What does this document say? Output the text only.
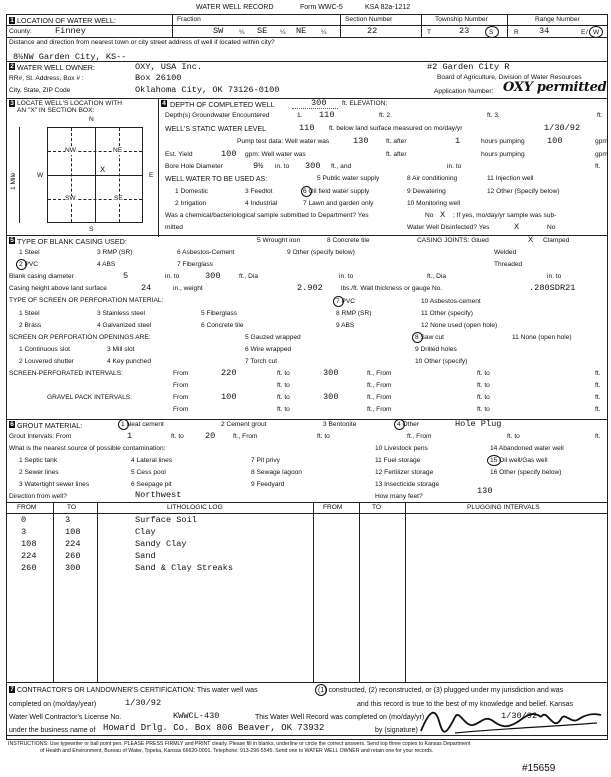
WATER WELL RECORD	Form WWC-5	KSA 82a-1212
1 LOCATION OF WATER WELL:	Fraction	Section Number	Township Number	Range Number
County:	Finney	SW ¼ SE ¼ NE ¼	22	T	23	S	R 34	E / W
Distance and direction from nearest town or city street address of well if located within city?
8½NW Garden City, KS--
2 WATER WELL OWNER:	OXY, USA Inc.	#2 Garden City R
RR#, St. Address, Box # :	Box 26100	Board of Agriculture, Division of Water Resources
City, State, ZIP Code	Oklahoma City, OK 73126-0100	Application Number: OXY permitted
3 LOCATE WELL'S LOCATION WITH
AN "X" IN SECTION BOX:
N
S
W	E
NW	NE
SW	SE
X
1 Mile
4 DEPTH OF COMPLETED WELL	300 ft. ELEVATION:
Depth(s) Groundwater Encountered	1. 110	ft. 2.	ft. 3.	ft.
WELL'S STATIC WATER LEVEL	110 ft. below land surface measured on mo/day/yr	1/30/92
Pump test data: Well water was	130	ft. after	1	hours pumping	100	gpm
Est. Yield	100 gpm: Well water was	ft. after	hours pumping	gpm
Bore Hole Diameter	9½ in. to 300 ft., and	in. to	ft.
WELL WATER TO BE USED AS:	5 Public water supply	8 Air conditioning	11 Injection well
1 Domestic	3 Feedlot	6 Oil field water supply	9 Dewatering	12 Other (Specify below)
2 Irrigation	4 Industrial	7 Lawn and garden only	10 Monitoring well
Was a chemical/bacteriological sample submitted to Department? Yes	No X ; If yes, mo/day/yr sample was sub-
mitted	Water Well Disinfected? Yes	X	No
5 TYPE OF BLANK CASING USED:	5 Wrought iron	8 Concrete tile	CASING JOINTS: Glued	X Clamped
1 Steel	3 RMP (SR)	6 Asbestos-Cement	9 Other (specify below)	Welded
2 PVC	4 ABS	7 Fiberglass	Threaded
Blank casing diameter	5	in. to	300	ft., Dia	in. to	ft., Dia	in. to
Casing height above land surface	24	in., weight	2.902	lbs./ft. Wall thickness or gauge No.	.280SDR21
TYPE OF SCREEN OR PERFORATION MATERIAL:
1 Steel	3 Stainless steel	5 Fiberglass
7 PVC	10 Asbestos-cement
2 Brass	4 Galvanized steel	6 Concrete tile
8 RMP (SR)	11 Other (specify)
9 ABS	12 None used (open hole)
SCREEN OR PERFORATION OPENINGS ARE:	5 Gauzed wrapped	8 Saw cut	11 None (open hole)
1 Continuous slot	3 Mill slot	6 Wire wrapped	9 Drilled holes
2 Louvered shutter	4 Key punched	7 Torch cut	10 Other (specify)
SCREEN-PERFORATED INTERVALS:	From	220	ft. to	300	ft., From	ft. to	ft.
From	ft. to	ft., From	ft. to	ft.
GRAVEL PACK INTERVALS:	From	100	ft. to	300	ft., From	ft. to	ft.
From	ft. to	ft., From	ft. to	ft.
6 GROUT MATERIAL:	1 Neat cement	2 Cement grout	3 Bentonite	4 Other	Hole Plug
Grout Intervals: From	1	ft. to 20	ft., From	ft. to	ft., From	ft. to	ft.
What is the nearest source of possible contamination:	10 Livestock pens	14 Abandoned water well
1 Septic tank	4 Lateral lines	7 Pit privy	11 Fuel storage	15 Oil well/Gas well
2 Sewer lines	5 Cess pool	8 Sewage lagoon	12 Fertilizer storage	16 Other (specify below)
3 Watertight sewer lines	6 Seepage pit	9 Feedyard	13 Insecticide storage
Direction from well?	Northwest	How many feet?
130
FROM	TO	LITHOLOGIC LOG	FROM	TO	PLUGGING INTERVALS
0	3	Surface Soil
3	108	Clay
108	224	Sandy Clay
224	260	Sand
260	300	Sand & Clay Streaks
7 CONTRACTOR'S OR LANDOWNER'S CERTIFICATION: This water well was	(1) constructed, (2) reconstructed, or (3) plugged under my jurisdiction and was
completed on (mo/day/year)	1/30/92	and this record is true to the best of my knowledge and belief. Kansas
Water Well Contractor's License No.	KWWCL-430	This Water Well Record was completed on (mo/day/yr)	1/30/92
under the business name of Howard Drlg. Co. Box 806 Beaver, OK 73932	by (signature)
INSTRUCTIONS: Use typewriter or ball point pen. PLEASE PRESS FIRMLY and PRINT clearly. Please fill in blanks, underline or circle the correct answers. Send top three copies to Kansas Department
of Health and Environment, Bureau of Water, Topeka, Kansas 66620-0001. Telephone: 913-296-5545. Send one to WATER WELL OWNER and retain one for your records.
#15659
